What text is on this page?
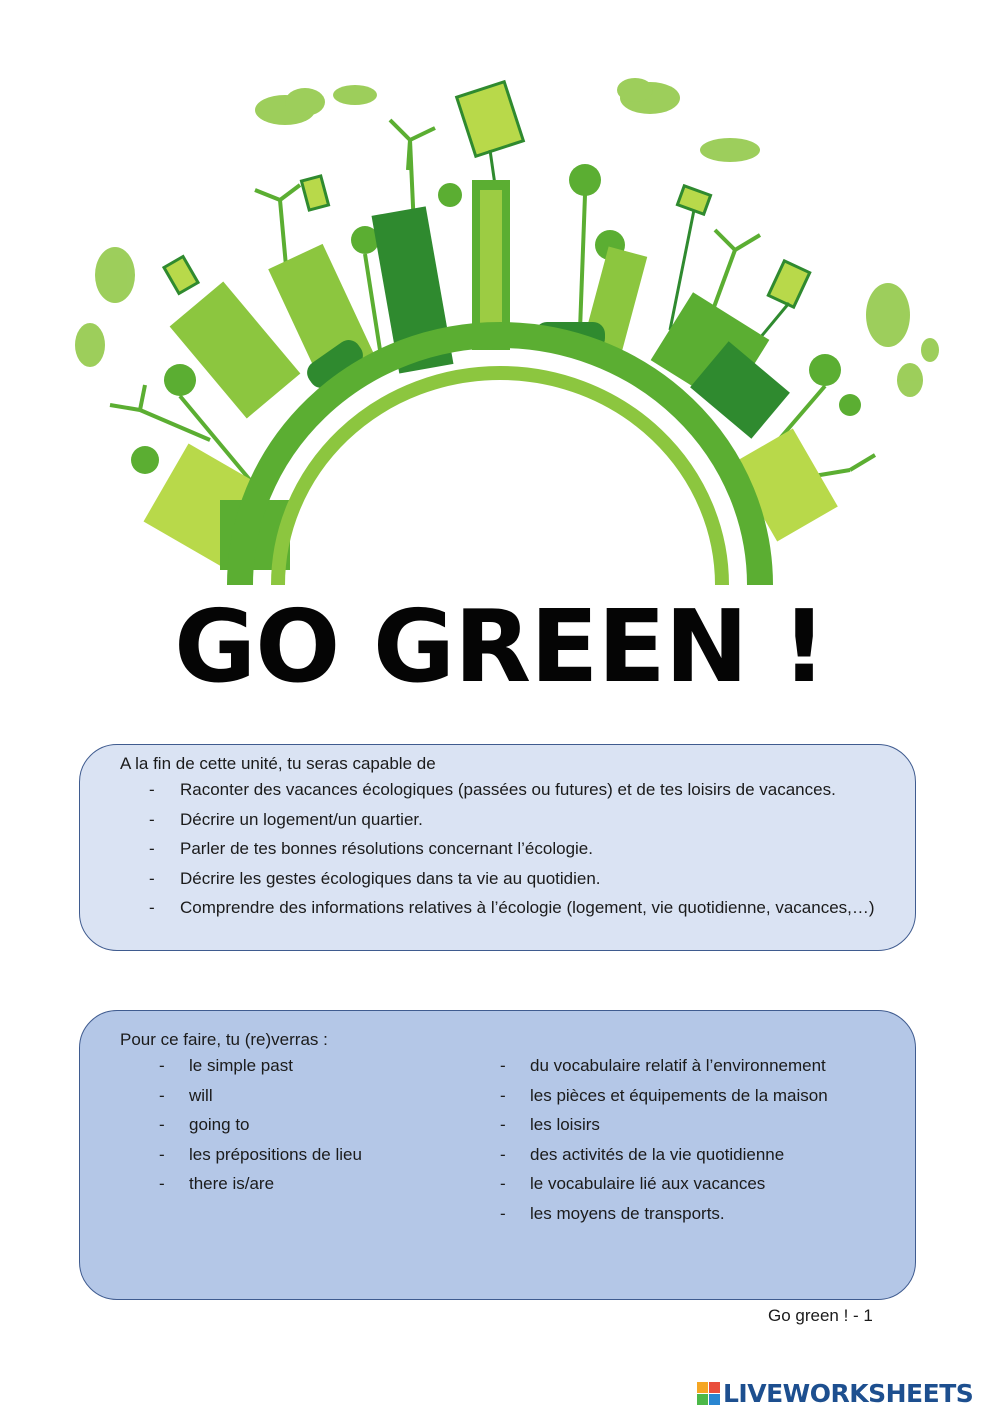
GO GREEN !
A la fin de cette unité, tu seras capable de
- Raconter des vacances écologiques (passées ou futures) et de tes loisirs de vacances.
- Décrire un logement/un quartier.
- Parler de tes bonnes résolutions concernant l’écologie.
- Décrire les gestes écologiques dans ta vie au quotidien.
- Comprendre des informations relatives à l’écologie (logement, vie quotidienne, vacances,…)
Pour ce faire, tu (re)verras :
- le simple past
- will
- going to
- les prépositions de lieu
- there is/are
- du vocabulaire relatif à l’environnement
- les pièces et équipements de la maison
- les loisirs
- des activités de la vie quotidienne
- le vocabulaire lié aux vacances
- les moyens de transports.
Go green ! - 1
LIVEWORKSHEETS
